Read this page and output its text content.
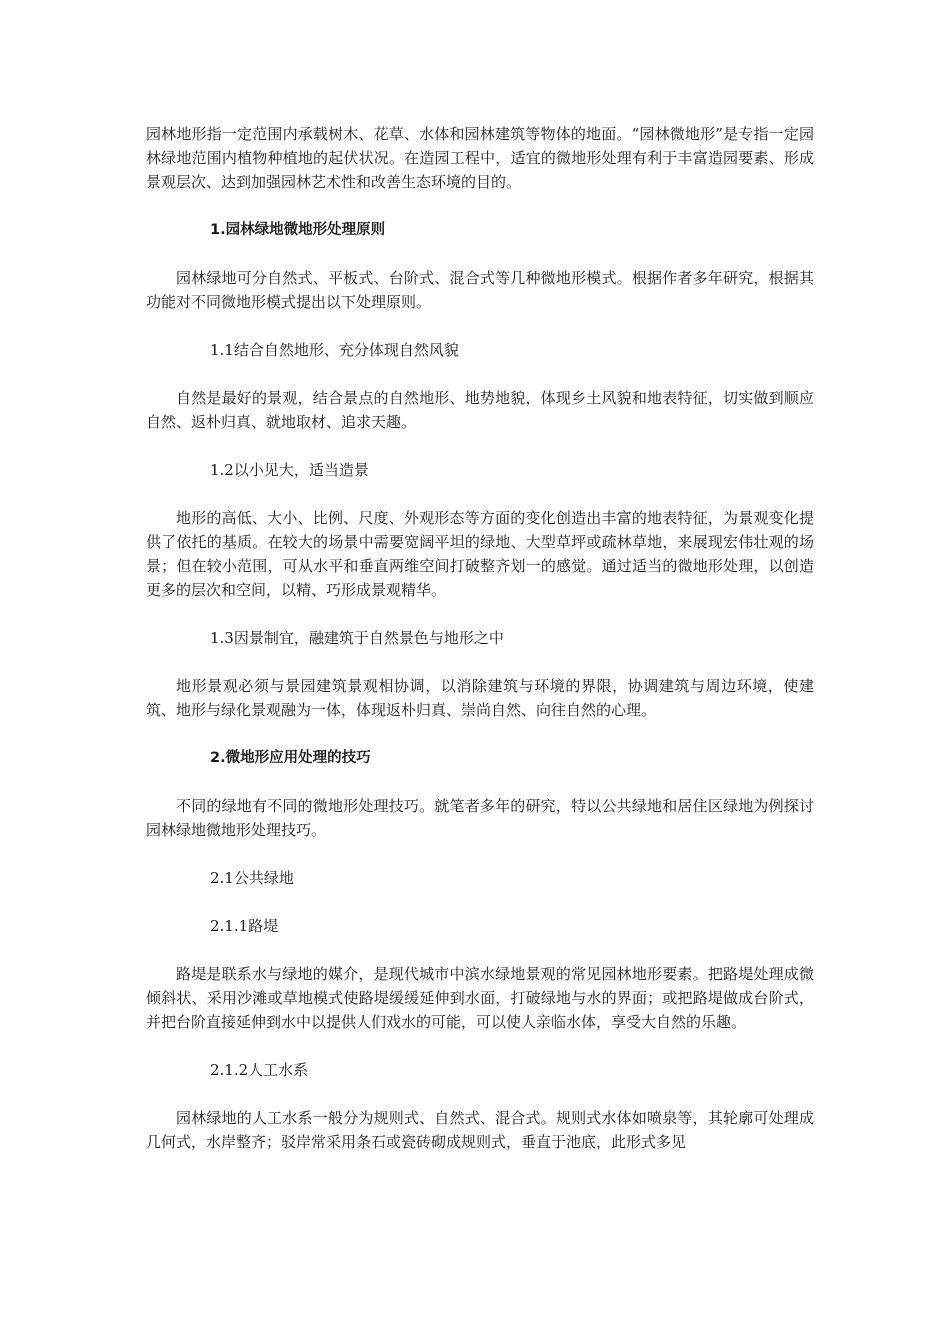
园林地形指一定范围内承载树木、花草、水体和园林建筑等物体的地面。“园林微地形”是专指一定园林绿地范围内植物种植地的起伏状况。在造园工程中，适宜的微地形处理有利于丰富造园要素、形成景观层次、达到加强园林艺术性和改善生态环境的目的。

1.园林绿地微地形处理原则

园林绿地可分自然式、平板式、台阶式、混合式等几种微地形模式。根据作者多年研究，根据其功能对不同微地形模式提出以下处理原则。

1.1结合自然地形、充分体现自然风貌

自然是最好的景观，结合景点的自然地形、地势地貌，体现乡土风貌和地表特征，切实做到顺应自然、返朴归真、就地取材、追求天趣。

1.2以小见大，适当造景

地形的高低、大小、比例、尺度、外观形态等方面的变化创造出丰富的地表特征，为景观变化提供了依托的基质。在较大的场景中需要宽阔平坦的绿地、大型草坪或疏林草地，来展现宏伟壮观的场景；但在较小范围，可从水平和垂直两维空间打破整齐划一的感觉。通过适当的微地形处理，以创造更多的层次和空间，以精、巧形成景观精华。

1.3因景制宜，融建筑于自然景色与地形之中

地形景观必须与景园建筑景观相协调，以消除建筑与环境的界限，协调建筑与周边环境，使建筑、地形与绿化景观融为一体，体现返朴归真、崇尚自然、向往自然的心理。

2.微地形应用处理的技巧

不同的绿地有不同的微地形处理技巧。就笔者多年的研究，特以公共绿地和居住区绿地为例探讨园林绿地微地形处理技巧。

2.1公共绿地

2.1.1路堤

路堤是联系水与绿地的媒介，是现代城市中滨水绿地景观的常见园林地形要素。把路堤处理成微倾斜状、采用沙滩或草地模式使路堤缓缓延伸到水面，打破绿地与水的界面；或把路堤做成台阶式，并把台阶直接延伸到水中以提供人们戏水的可能，可以使人亲临水体，享受大自然的乐趣。

2.1.2人工水系

园林绿地的人工水系一般分为规则式、自然式、混合式。规则式水体如喷泉等，其轮廓可处理成几何式，水岸整齐；驳岸常采用条石或瓷砖砌成规则式，垂直于池底，此形式多见
